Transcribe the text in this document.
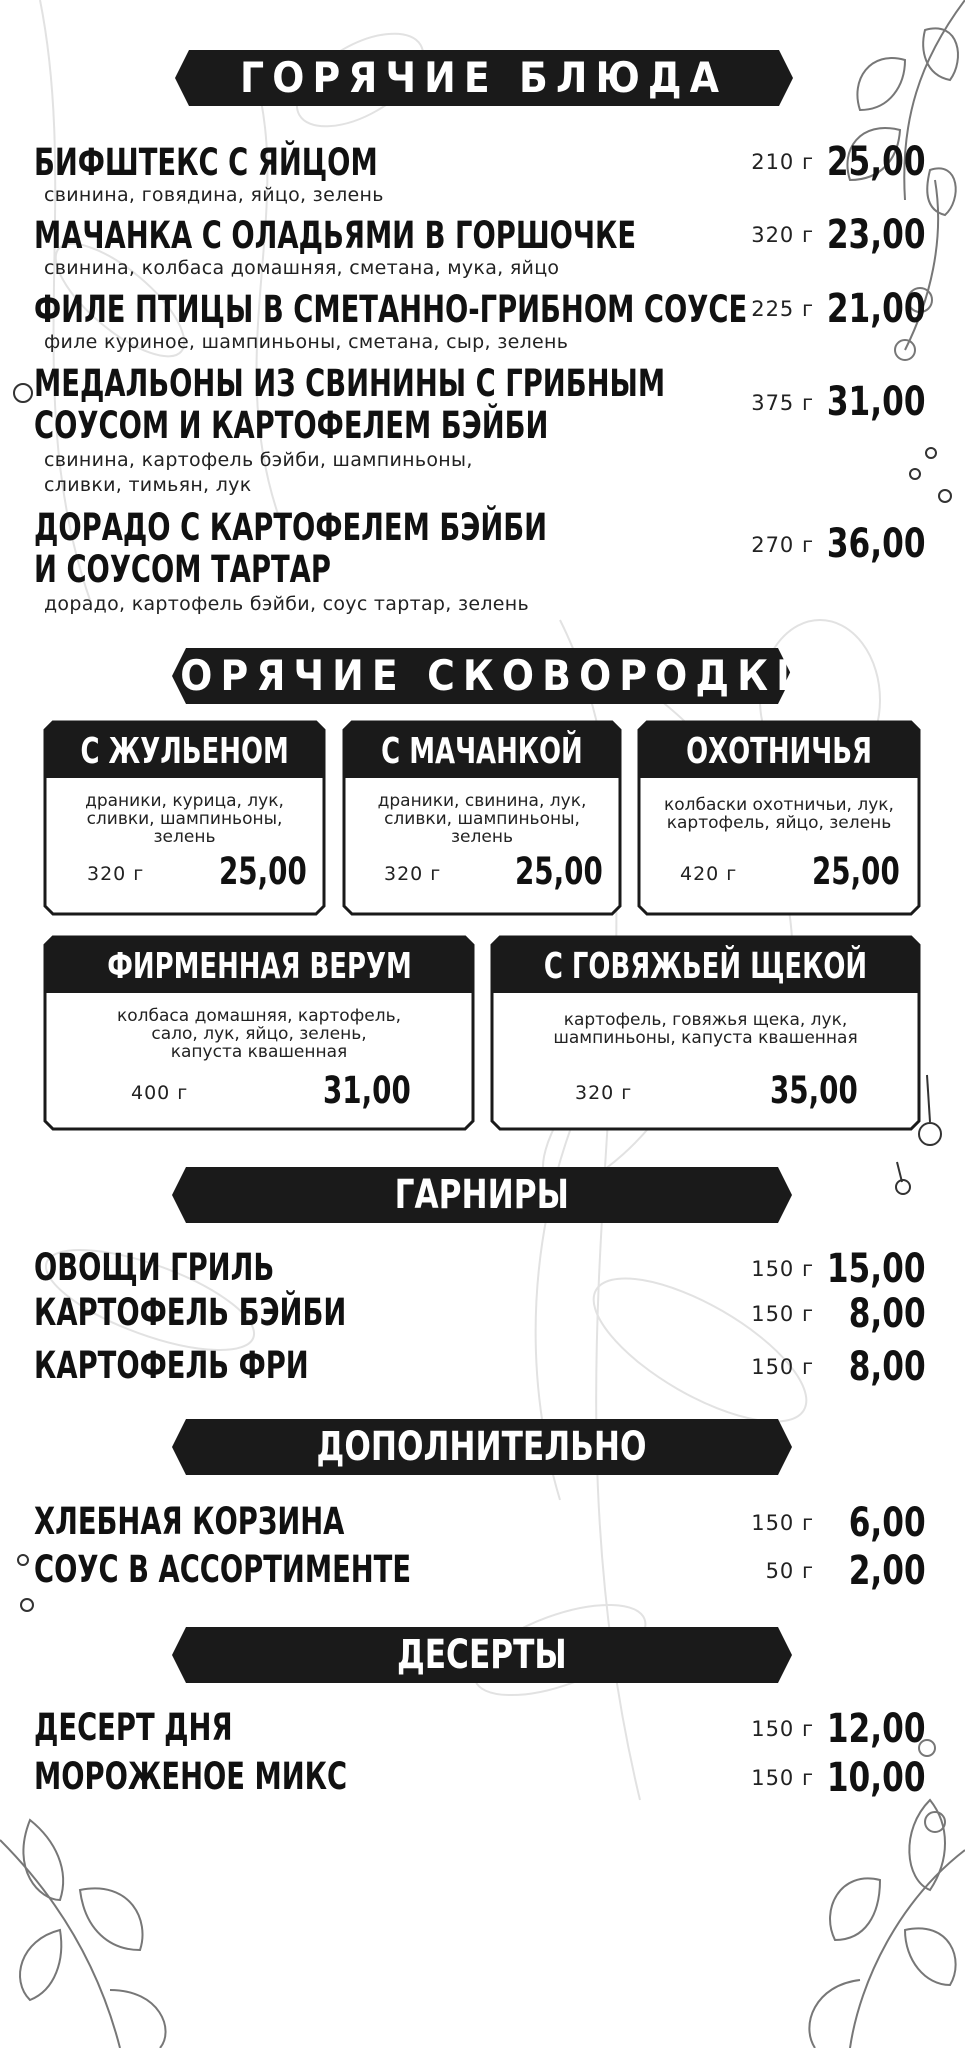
ГОРЯЧИЕ БЛЮДА
БИФШТЕКС С ЯЙЦОМ
свинина, говядина, яйцо, зелень
210 г 25,00
МАЧАНКА С ОЛАДЬЯМИ В ГОРШОЧКЕ
свинина, колбаса домашняя, сметана, мука, яйцо
320 г 23,00
ФИЛЕ ПТИЦЫ В СМЕТАННО-ГРИБНОМ СОУСЕ
филе куриное, шампиньоны, сметана, сыр, зелень
225 г 21,00
МЕДАЛЬОНЫ ИЗ СВИНИНЫ С ГРИБНЫМ
СОУСОМ И КАРТОФЕЛЕМ БЭЙБИ
свинина, картофель бэйби, шампиньоны,
сливки, тимьян, лук
375 г 31,00
ДОРАДО С КАРТОФЕЛЕМ БЭЙБИ
И СОУСОМ ТАРТАР
дорадо, картофель бэйби, соус тартар, зелень
270 г 36,00
ГОРЯЧИЕ СКОВОРОДКИ
С ЖУЛЬЕНОМ
драники, курица, лук,
сливки, шампиньоны,
зелень
320 г 25,00
С МАЧАНКОЙ
драники, свинина, лук,
сливки, шампиньоны,
зелень
320 г 25,00
ОХОТНИЧЬЯ
колбаски охотничьи, лук,
картофель, яйцо, зелень
420 г 25,00
ФИРМЕННАЯ ВЕРУМ
колбаса домашняя, картофель,
сало, лук, яйцо, зелень,
капуста квашенная
400 г	31,00
С ГОВЯЖЬЕЙ ЩЕКОЙ
картофель, говяжья щека, лук,
шампиньоны, капуста квашенная
320 г	35,00
ГАРНИРЫ
ОВОЩИ ГРИЛЬ	150 г 15,00
КАРТОФЕЛЬ БЭЙБИ	150 г 8,00
КАРТОФЕЛЬ ФРИ	150 г 8,00
ДОПОЛНИТЕЛЬНО
ХЛЕБНАЯ КОРЗИНА	150 г 6,00
СОУС В АССОРТИМЕНТЕ	50 г 2,00
ДЕСЕРТЫ
ДЕСЕРТ ДНЯ	150 г 12,00
МОРОЖЕНОЕ МИКС	150 г 10,00
